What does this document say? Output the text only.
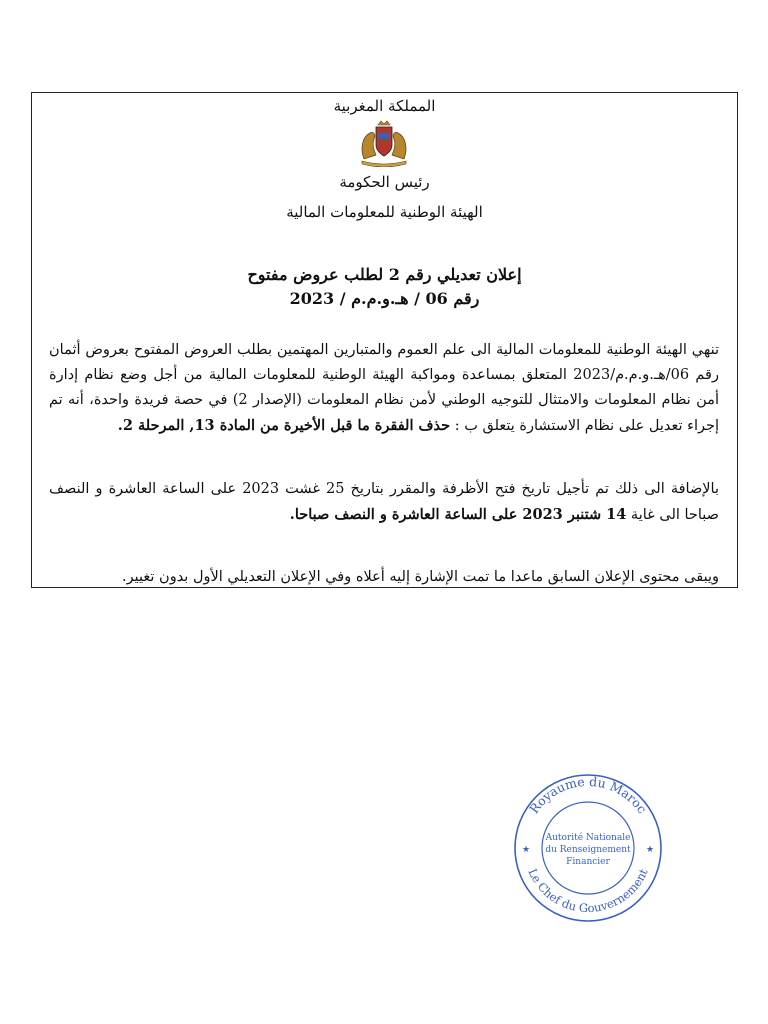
المملكة المغربية
رئيس الحكومة
الهيئة الوطنية للمعلومات المالية
إعلان تعديلي رقم 2 لطلب عروض مفتوح
رقم 06 / هـ.و.م.م / 2023
تنهي الهيئة الوطنية للمعلومات المالية الى علم العموم والمتبارين المهتمين بطلب العروض المفتوح بعروض أثمان رقم 06/هـ.و.م.م/2023 المتعلق بمساعدة ومواكبة الهيئة الوطنية للمعلومات المالية من أجل وضع نظام إدارة أمن نظام المعلومات والامتثال للتوجيه الوطني لأمن نظام المعلومات (الإصدار 2) في حصة فريدة واحدة، أنه تم إجراء تعديل على نظام الاستشارة يتعلق ب : حذف الفقرة ما قبل الأخيرة من المادة 13, المرحلة 2.
بالإضافة الى ذلك تم تأجيل تاريخ فتح الأظرفة والمقرر بتاريخ 25 غشت 2023 على الساعة العاشرة و النصف صباحا الى غاية 14 شتنبر 2023 على الساعة العاشرة و النصف صباحا.
ويبقى محتوى الإعلان السابق ماعدا ما تمت الإشارة إليه أعلاه وفي الإعلان التعديلي الأول بدون تغيير.
Royaume du Maroc
Le Chef du Gouvernement
★	★
Autorité Nationale
du Renseignement
Financier
